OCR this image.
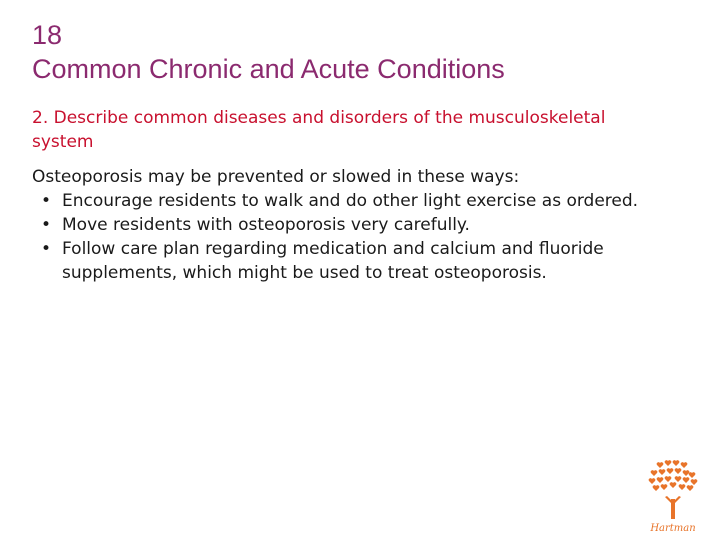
18
Common Chronic and Acute Conditions
2. Describe common diseases and disorders of the musculoskeletal system
Osteoporosis may be prevented or slowed in these ways:
• Encourage residents to walk and do other light exercise as ordered.
• Move residents with osteoporosis very carefully.
• Follow care plan regarding medication and calcium and fluoride supplements, which might be used to treat osteoporosis.
Hartman
